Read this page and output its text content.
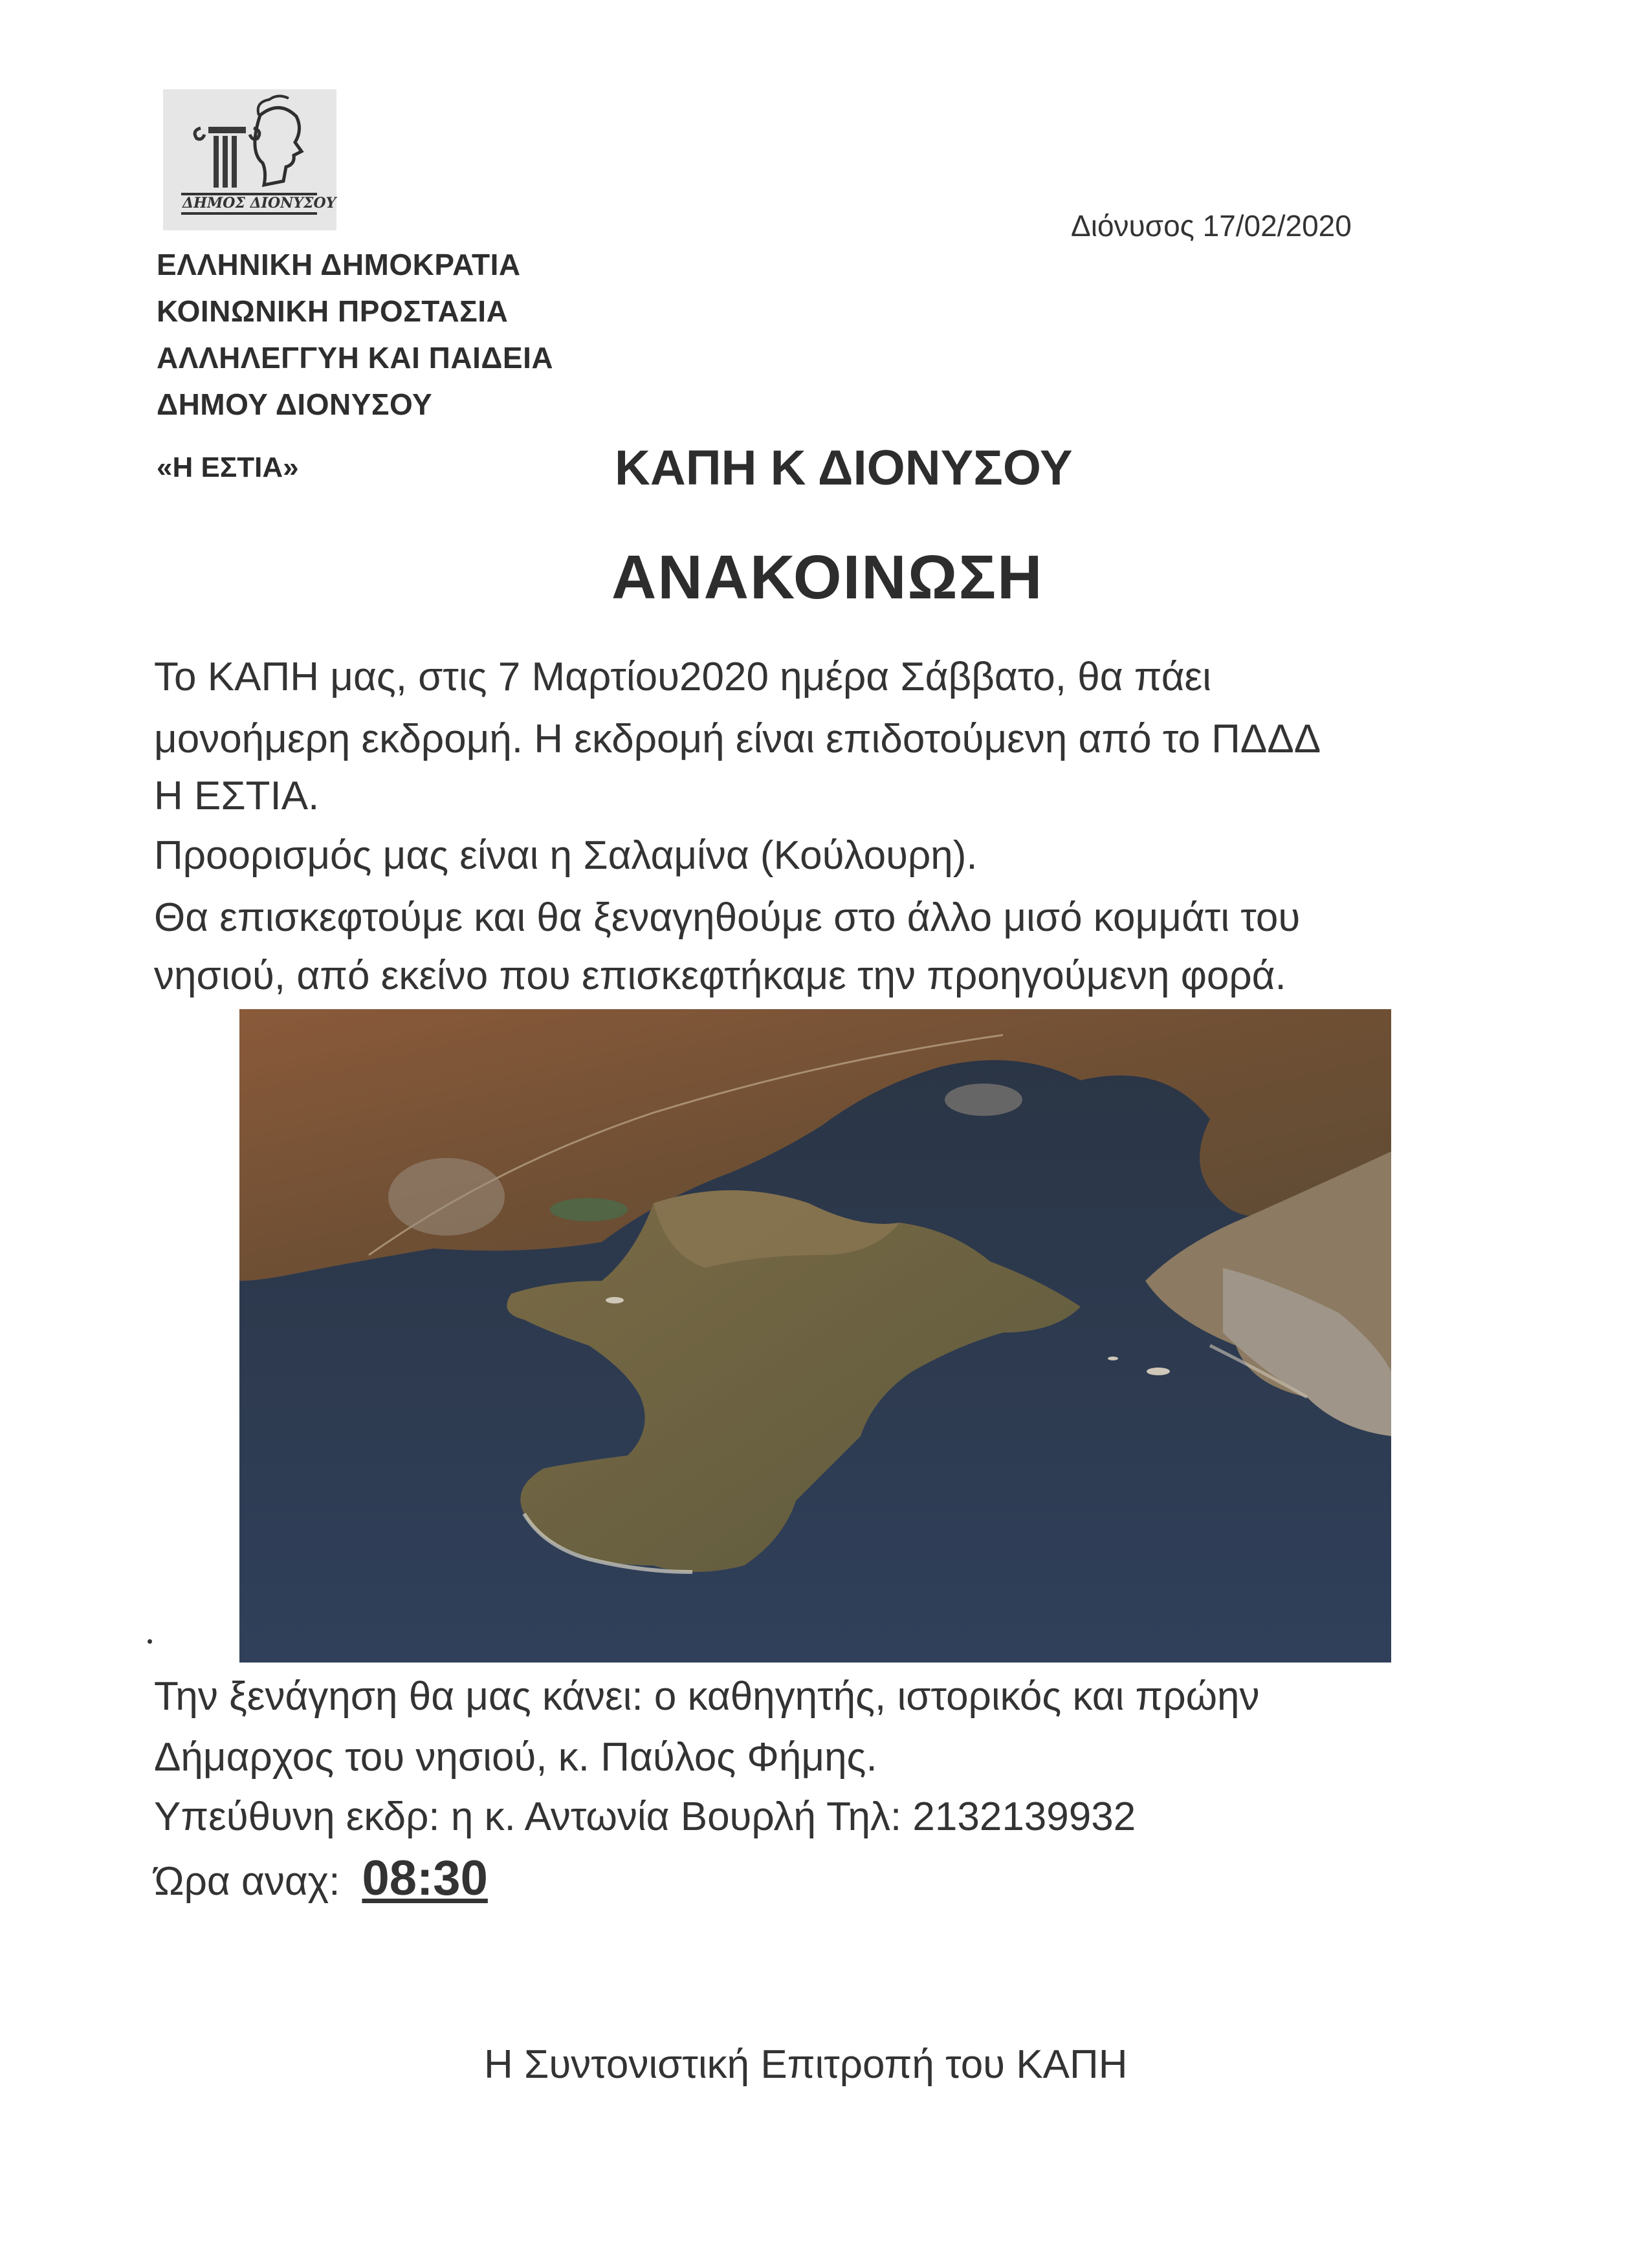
ΔΗΜΟΣ ΔΙΟΝΥΣΟΥ
ΕΛΛΗΝΙΚΗ ΔΗΜΟΚΡΑΤΙΑ
ΚΟΙΝΩΝΙΚΗ ΠΡΟΣΤΑΣΙΑ
ΑΛΛΗΛΕΓΓΥΗ ΚΑΙ ΠΑΙΔΕΙΑ
ΔΗΜΟΥ ΔΙΟΝΥΣΟΥ
Διόνυσος 17/02/2020
«Η ΕΣΤΙΑ»	ΚΑΠΗ Κ ΔΙΟΝΥΣΟΥ
ΑΝΑΚΟΙΝΩΣΗ
Το ΚΑΠΗ μας, στις 7 Μαρτίου2020 ημέρα Σάββατο, θα πάει
μονοήμερη εκδρομή. Η εκδρομή είναι επιδοτούμενη από το ΠΔΔΔ
Η ΕΣΤΙΑ.
Προορισμός μας είναι η Σαλαμίνα (Κούλουρη).
Θα επισκεφτούμε και θα ξεναγηθούμε στο άλλο μισό κομμάτι του
νησιού, από εκείνο που επισκεφτήκαμε την προηγούμενη φορά.
Την ξενάγηση θα μας κάνει: ο καθηγητής, ιστορικός και πρώην
Δήμαρχος του νησιού, κ. Παύλος Φήμης.
Υπεύθυνη εκδρ: η κ. Αντωνία Βουρλή Τηλ: 2132139932
Ώρα αναχ: 08:30
Η Συντονιστική Επιτροπή του ΚΑΠΗ
